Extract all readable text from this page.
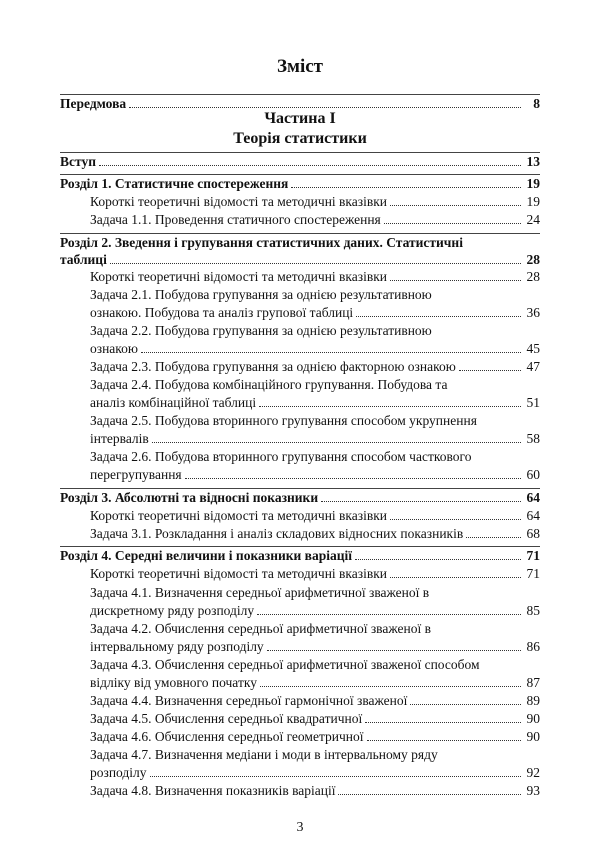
Зміст
Передмова	8
Частина I
Теорія статистики
Вступ	13
Розділ 1. Статистичне спостереження	19
Короткі теоретичні відомості та методичні вказівки	19
Задача 1.1. Проведення статичного спостереження	24
Розділ 2. Зведення і групування статистичних даних. Статистичні
таблиці	28
Короткі теоретичні відомості та методичні вказівки	28
Задача 2.1. Побудова групування за однією результативною
ознакою. Побудова та аналіз групової таблиці	36
Задача 2.2. Побудова групування за однією результативною
ознакою	45
Задача 2.3. Побудова групування за однією факторною ознакою	47
Задача 2.4. Побудова комбінаційного групування. Побудова та
аналіз комбінаційної таблиці	51
Задача 2.5. Побудова вторинного групування способом укрупнення
інтервалів	58
Задача 2.6. Побудова вторинного групування способом часткового
перегрупування	60
Розділ 3. Абсолютні та відносні показники	64
Короткі теоретичні відомості та методичні вказівки	64
Задача 3.1. Розкладання і аналіз складових відносних показників	68
Розділ 4. Середні величини і показники варіації	71
Короткі теоретичні відомості та методичні вказівки	71
Задача 4.1. Визначення середньої арифметичної зваженої в
дискретному ряду розподілу	85
Задача 4.2. Обчислення середньої арифметичної зваженої в
інтервальному ряду розподілу	86
Задача 4.3. Обчислення середньої арифметичної зваженої способом
відліку від умовного початку	87
Задача 4.4. Визначення середньої гармонічної зваженої	89
Задача 4.5. Обчислення середньої квадратичної	90
Задача 4.6. Обчислення середньої геометричної	90
Задача 4.7. Визначення медіани і моди в інтервальному ряду
розподілу	92
Задача 4.8. Визначення показників варіації	93
3
